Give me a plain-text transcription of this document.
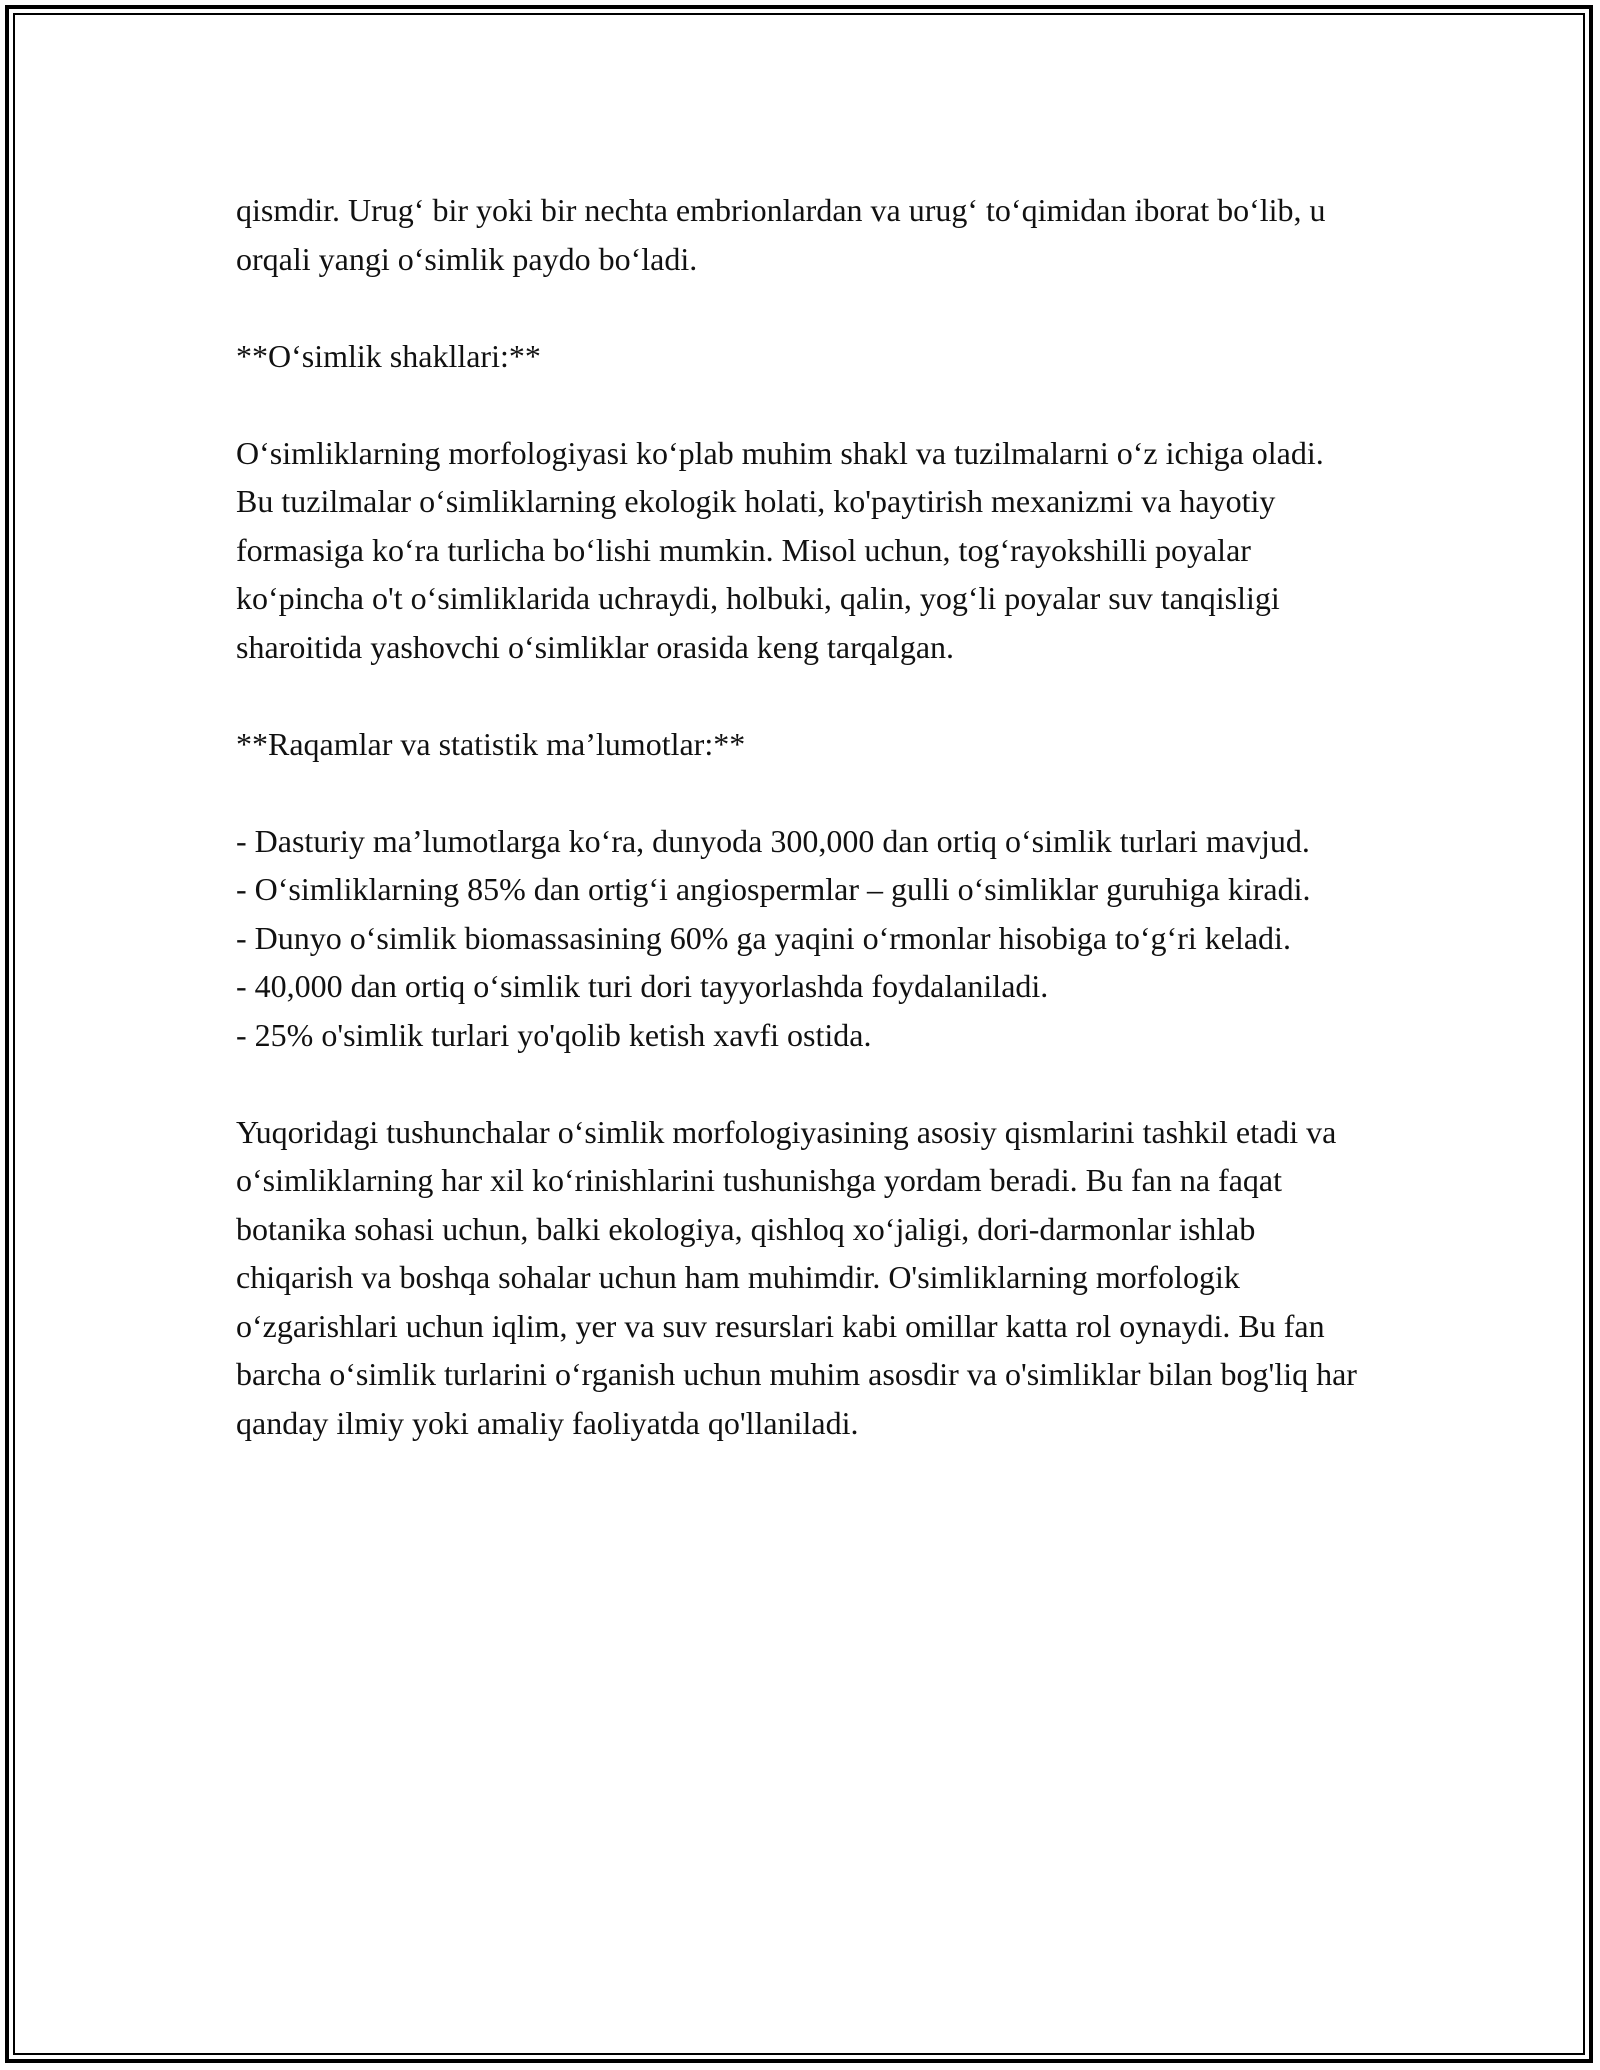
qismdir. Urug‘ bir yoki bir nechta embrionlardan va urug‘ to‘qimidan iborat bo‘lib, u orqali yangi o‘simlik paydo bo‘ladi.

**O‘simlik shakllari:**

O‘simliklarning morfologiyasi ko‘plab muhim shakl va tuzilmalarni o‘z ichiga oladi. Bu tuzilmalar o‘simliklarning ekologik holati, ko'paytirish mexanizmi va hayotiy formasiga ko‘ra turlicha bo‘lishi mumkin. Misol uchun, tog‘rayokshilli poyalar ko‘pincha o't o‘simliklarida uchraydi, holbuki, qalin, yog‘li poyalar suv tanqisligi sharoitida yashovchi o‘simliklar orasida keng tarqalgan.

**Raqamlar va statistik ma’lumotlar:**

- Dasturiy ma’lumotlarga ko‘ra, dunyoda 300,000 dan ortiq o‘simlik turlari mavjud.

- O‘simliklarning 85% dan ortig‘i angiospermlar – gulli o‘simliklar guruhiga kiradi.

- Dunyo o‘simlik biomassasining 60% ga yaqini o‘rmonlar hisobiga to‘g‘ri keladi.

- 40,000 dan ortiq o‘simlik turi dori tayyorlashda foydalaniladi.

- 25% o'simlik turlari yo'qolib ketish xavfi ostida.

Yuqoridagi tushunchalar o‘simlik morfologiyasining asosiy qismlarini tashkil etadi va o‘simliklarning har xil ko‘rinishlarini tushunishga yordam beradi. Bu fan na faqat botanika sohasi uchun, balki ekologiya, qishloq xo‘jaligi, dori-darmonlar ishlab chiqarish va boshqa sohalar uchun ham muhimdir. O'simliklarning morfologik o‘zgarishlari uchun iqlim, yer va suv resurslari kabi omillar katta rol oynaydi. Bu fan barcha o‘simlik turlarini o‘rganish uchun muhim asosdir va o'simliklar bilan bog'liq har qanday ilmiy yoki amaliy faoliyatda qo'llaniladi.
